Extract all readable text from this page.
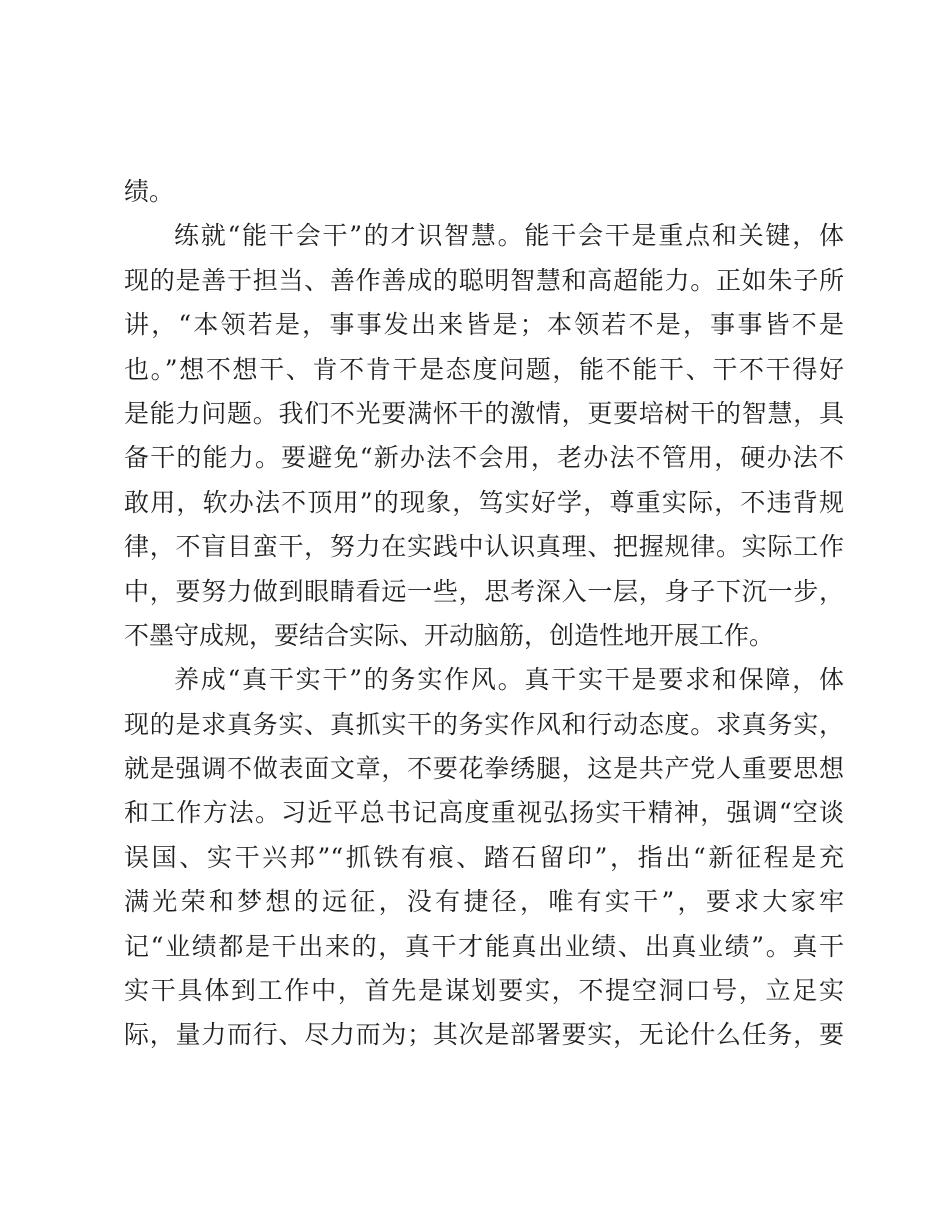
绩。
练就“能干会干”的才识智慧。能干会干是重点和关键，体
现的是善于担当、善作善成的聪明智慧和高超能力。正如朱子所
讲，“本领若是，事事发出来皆是；本领若不是，事事皆不是
也。”想不想干、肯不肯干是态度问题，能不能干、干不干得好
是能力问题。我们不光要满怀干的激情，更要培树干的智慧，具
备干的能力。要避免“新办法不会用，老办法不管用，硬办法不
敢用，软办法不顶用”的现象，笃实好学，尊重实际，不违背规
律，不盲目蛮干，努力在实践中认识真理、把握规律。实际工作
中，要努力做到眼睛看远一些，思考深入一层，身子下沉一步，
不墨守成规，要结合实际、开动脑筋，创造性地开展工作。
养成“真干实干”的务实作风。真干实干是要求和保障，体
现的是求真务实、真抓实干的务实作风和行动态度。求真务实，
就是强调不做表面文章，不要花拳绣腿，这是共产党人重要思想
和工作方法。习近平总书记高度重视弘扬实干精神，强调“空谈
误国、实干兴邦”“抓铁有痕、踏石留印”，指出“新征程是充
满光荣和梦想的远征，没有捷径，唯有实干”，要求大家牢
记“业绩都是干出来的，真干才能真出业绩、出真业绩”。真干
实干具体到工作中，首先是谋划要实，不提空洞口号，立足实
际，量力而行、尽力而为；其次是部署要实，无论什么任务，要
